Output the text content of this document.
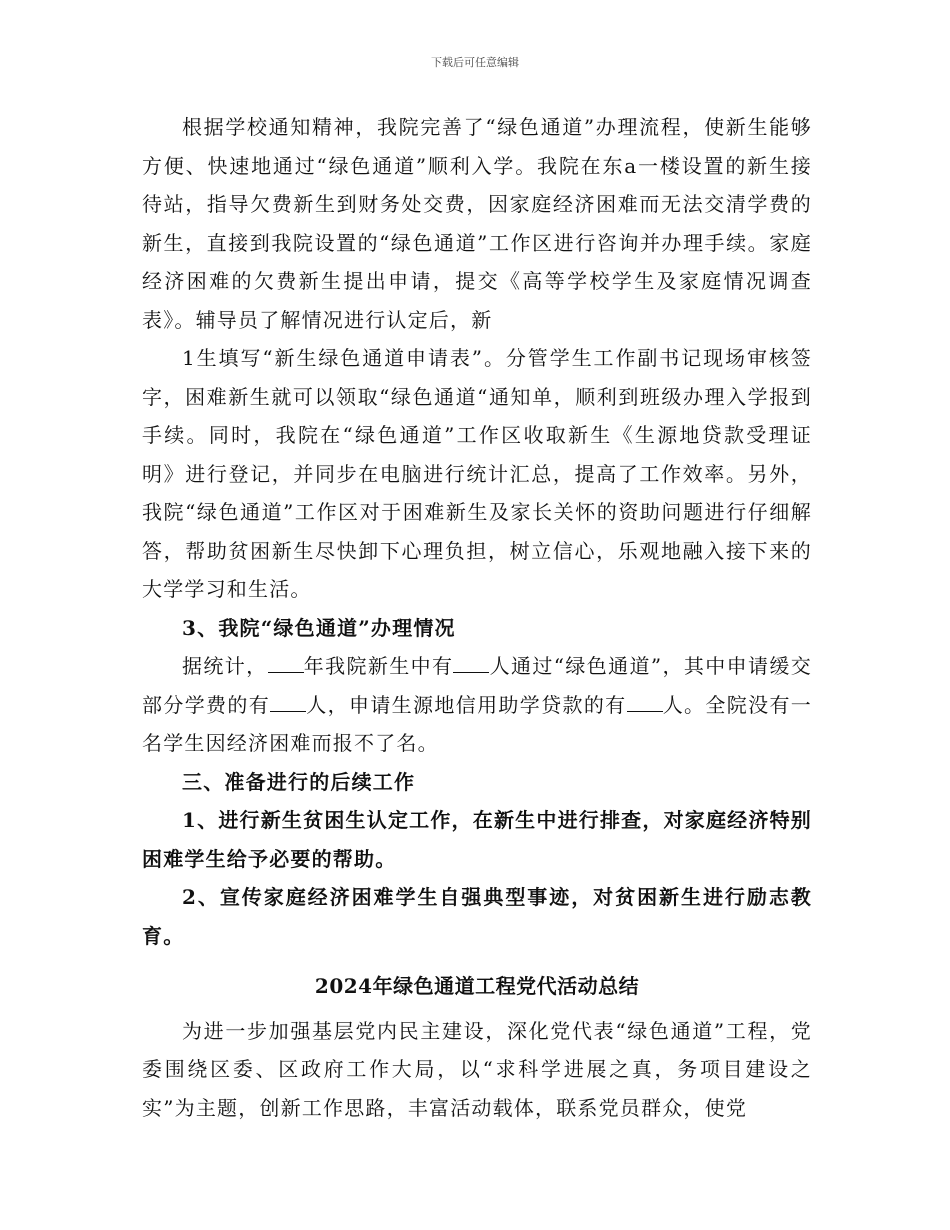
下载后可任意编辑

根据学校通知精神，我院完善了“绿色通道”办理流程，使新生能够方便、快速地通过“绿色通道”顺利入学。我院在东a一楼设置的新生接待站，指导欠费新生到财务处交费，因家庭经济困难而无法交清学费的新生，直接到我院设置的“绿色通道”工作区进行咨询并办理手续。家庭经济困难的欠费新生提出申请，提交《高等学校学生及家庭情况调查表》。辅导员了解情况进行认定后，新

1生填写“新生绿色通道申请表”。分管学生工作副书记现场审核签字，困难新生就可以领取“绿色通道“通知单，顺利到班级办理入学报到手续。同时，我院在“绿色通道”工作区收取新生《生源地贷款受理证明》进行登记，并同步在电脑进行统计汇总，提高了工作效率。另外，我院“绿色通道”工作区对于困难新生及家长关怀的资助问题进行仔细解答，帮助贫困新生尽快卸下心理负担，树立信心，乐观地融入接下来的大学学习和生活。

3、我院“绿色通道”办理情况

据统计， 年我院新生中有 人通过“绿色通道”，其中申请缓交部分学费的有 人，申请生源地信用助学贷款的有 人。全院没有一名学生因经济困难而报不了名。

三、准备进行的后续工作

1、进行新生贫困生认定工作，在新生中进行排查，对家庭经济特别困难学生给予必要的帮助。

2、宣传家庭经济困难学生自强典型事迹，对贫困新生进行励志教育。

2024年绿色通道工程党代活动总结

为进一步加强基层党内民主建设，深化党代表“绿色通道”工程，党委围绕区委、区政府工作大局，以“求科学进展之真，务项目建设之实”为主题，创新工作思路，丰富活动载体，联系党员群众，使党
